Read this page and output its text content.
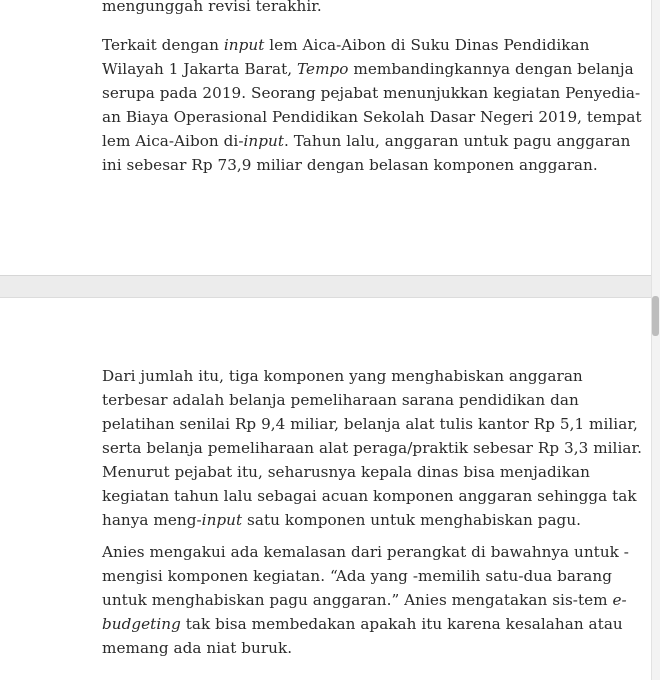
mengunggah revisi terakhir.
Terkait dengan input lem Aica-Aibon di Suku Dinas Pendidikan
Wilayah 1 Jakarta Barat, Tempo membandingkannya dengan belanja
serupa pada 2019. Seorang pejabat menunjukkan kegiatan Penyedia-
an Biaya Operasional Pendidikan Sekolah Dasar Negeri 2019, tempat
lem Aica-Aibon di-input. Tahun lalu, anggaran untuk pagu anggaran
ini sebesar Rp 73,9 miliar dengan belasan komponen anggaran.
Dari jumlah itu, tiga komponen yang menghabiskan anggaran
terbesar adalah belanja pemeliharaan sarana pendidikan dan
pelatihan senilai Rp 9,4 miliar, belanja alat tulis kantor Rp 5,1 miliar,
serta belanja pemeliharaan alat peraga/praktik sebesar Rp 3,3 miliar.
Menurut pejabat itu, seharusnya kepala dinas bisa menjadikan
kegiatan tahun lalu sebagai acuan komponen anggaran sehingga tak
hanya meng-input satu komponen untuk menghabiskan pagu.
Anies mengakui ada kemalasan dari perangkat di bawahnya untuk -
mengisi komponen kegiatan. “Ada yang -memilih satu-dua barang
untuk menghabiskan pagu anggaran.” Anies mengatakan sis-tem e-
budgeting tak bisa membedakan apakah itu karena kesalahan atau
memang ada niat buruk.
